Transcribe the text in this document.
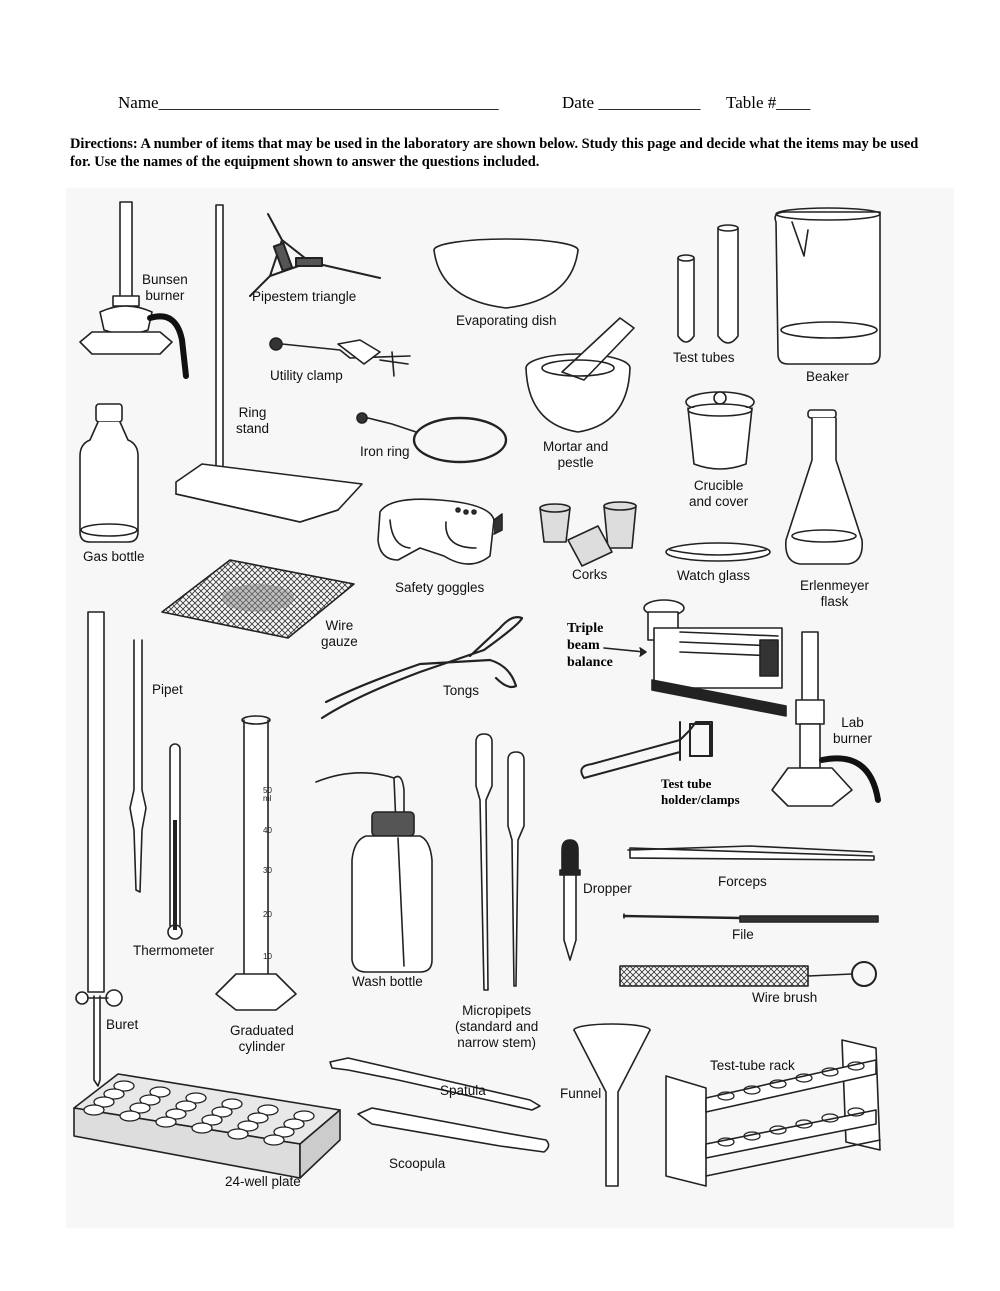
Name________________________________________	Date ____________ Table #____
Directions: A number of items that may be used in the laboratory are shown below. Study this page and decide what the items may be used for. Use the names of the equipment shown to answer the questions included.
50
ml
40
30
20
10
Bunsen
burner	Pipestem triangle
Utility clamp
Evaporating dish
Test tubes
Beaker
Ring
stand
Iron ring	Mortar and
pestle
Crucible
and cover
Gas bottle
Safety goggles
Corks	Watch glass
Erlenmeyer
flask
Wire
gauze
Triple
beam
balance
Pipet	Tongs
Lab
burner
Test tube
holder/clamps
Thermometer
Wash bottle
Dropper	Forceps
File
Wire brush
Buret	Graduated
cylinder
Micropipets
(standard and
narrow stem)
Funnel
Test-tube rack
Spatula
Scoopula
24-well plate
